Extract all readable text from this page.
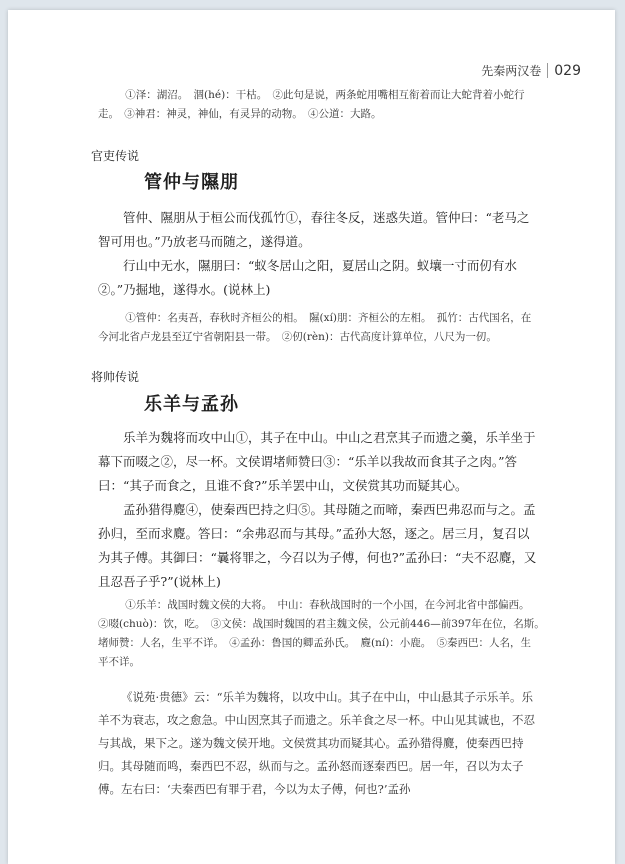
先秦两汉卷 029

①泽：湖沼。　涸(hé)：干枯。　②此句是说，两条蛇用嘴相互衔着而让大蛇背着小蛇行走。　③神君：神灵，神仙，有灵异的动物。　④公道：大路。

官吏传说
管仲与隰朋

管仲、隰朋从于桓公而伐孤竹①，春往冬反，迷惑失道。管仲曰：“老马之智可用也。”乃放老马而随之，遂得道。

行山中无水，隰朋曰：“蚁冬居山之阳，夏居山之阴。蚁壤一寸而仞有水②。”乃掘地，遂得水。(说林上)

①管仲：名夷吾，春秋时齐桓公的相。　隰(xí)朋：齐桓公的左相。　孤竹：古代国名，在今河北省卢龙县至辽宁省朝阳县一带。　②仞(rèn)：古代高度计算单位，八尺为一仞。

将帅传说
乐羊与孟孙

乐羊为魏将而攻中山①，其子在中山。中山之君烹其子而遗之羹，乐羊坐于幕下而啜之②，尽一杯。文侯谓堵师赞曰③：“乐羊以我故而食其子之肉。”答曰：“其子而食之，且谁不食?”乐羊罢中山，文侯赏其功而疑其心。

孟孙猎得麑④，使秦西巴持之归⑤。其母随之而啼，秦西巴弗忍而与之。孟孙归，至而求麑。答曰：“余弗忍而与其母。”孟孙大怒，逐之。居三月，复召以为其子傅。其御曰：“曩将罪之，今召以为子傅，何也?”孟孙曰：“夫不忍麑，又且忍吾子乎?”(说林上)

①乐羊：战国时魏文侯的大将。　中山：春秋战国时的一个小国，在今河北省中部偏西。　②啜(chuò)：饮，吃。　③文侯：战国时魏国的君主魏文侯，公元前446—前397年在位，名斯。　堵师赞：人名，生平不详。　④孟孙：鲁国的卿孟孙氏。　麑(ní)：小鹿。　⑤秦西巴：人名，生平不详。

《说苑·贵德》云：“乐羊为魏将，以攻中山。其子在中山，中山悬其子示乐羊。乐羊不为衰志，攻之愈急。中山因烹其子而遗之。乐羊食之尽一杯。中山见其诚也，不忍与其战，果下之。遂为魏文侯开地。文侯赏其功而疑其心。孟孙猎得麑，使秦西巴持归。其母随而鸣，秦西巴不忍，纵而与之。孟孙怒而逐秦西巴。居一年，召以为太子傅。左右曰：‘夫秦西巴有罪于君，今以为太子傅，何也?’孟孙
